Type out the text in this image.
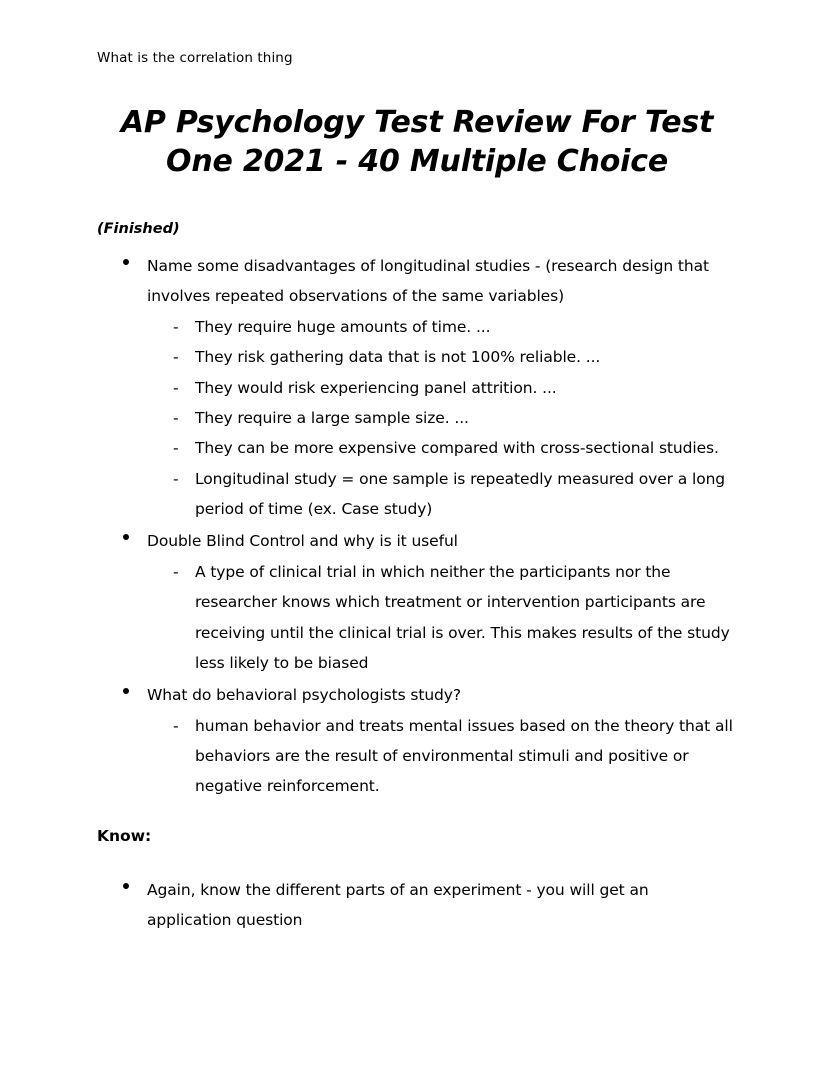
What is the correlation thing
AP Psychology Test Review For Test One 2021 - 40 Multiple Choice
(Finished)
Name some disadvantages of longitudinal studies - (research design that involves repeated observations of the same variables)
- They require huge amounts of time. ...
- They risk gathering data that is not 100% reliable. ...
- They would risk experiencing panel attrition. ...
- They require a large sample size. ...
- They can be more expensive compared with cross-sectional studies.
- Longitudinal study = one sample is repeatedly measured over a long period of time (ex. Case study)
Double Blind Control and why is it useful
- A type of clinical trial in which neither the participants nor the researcher knows which treatment or intervention participants are receiving until the clinical trial is over. This makes results of the study less likely to be biased
What do behavioral psychologists study?
- human behavior and treats mental issues based on the theory that all behaviors are the result of environmental stimuli and positive or negative reinforcement.
Know:
Again, know the different parts of an experiment - you will get an application question
